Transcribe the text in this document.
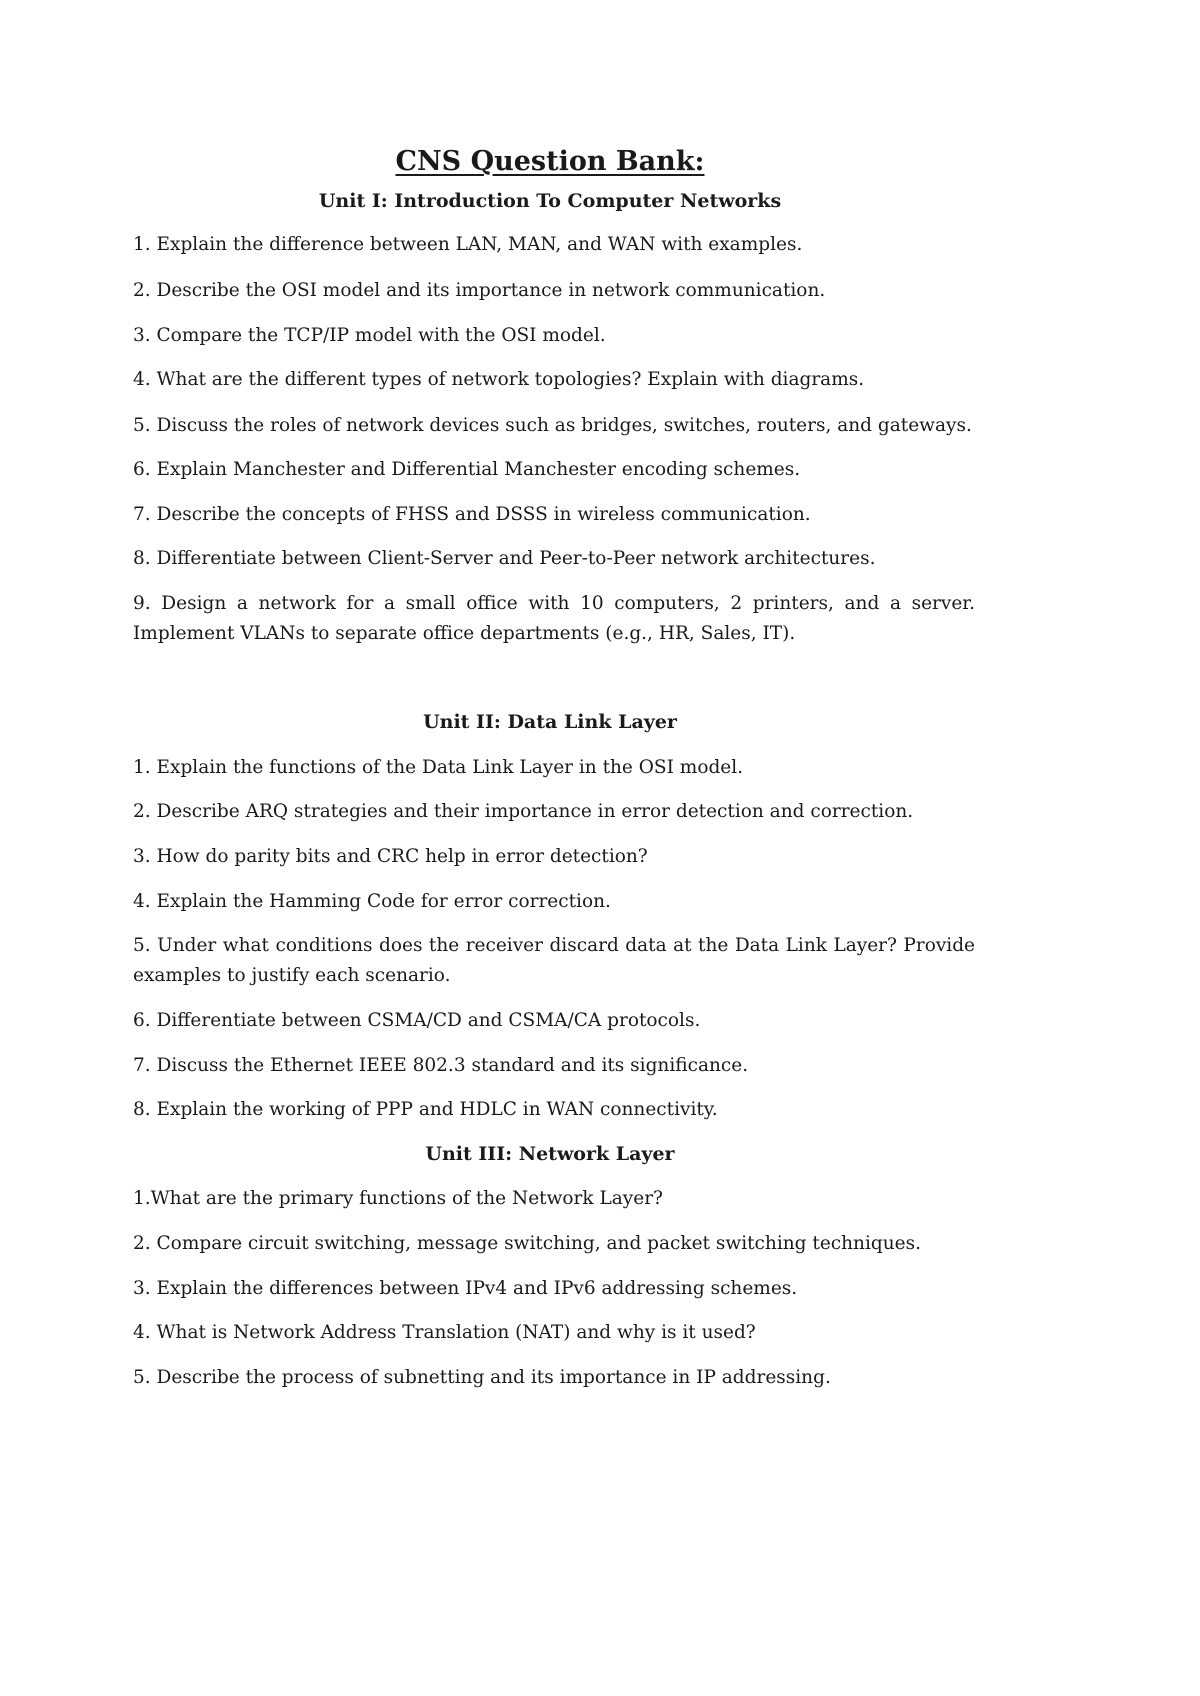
CNS Question Bank:
Unit I: Introduction To Computer Networks
1. Explain the difference between LAN, MAN, and WAN with examples.
2. Describe the OSI model and its importance in network communication.
3. Compare the TCP/IP model with the OSI model.
4. What are the different types of network topologies? Explain with diagrams.
5. Discuss the roles of network devices such as bridges, switches, routers, and gateways.
6. Explain Manchester and Differential Manchester encoding schemes.
7. Describe the concepts of FHSS and DSSS in wireless communication.
8. Differentiate between Client-Server and Peer-to-Peer network architectures.
9. Design a network for a small office with 10 computers, 2 printers, and a server. Implement VLANs to separate office departments (e.g., HR, Sales, IT).
Unit II: Data Link Layer
1. Explain the functions of the Data Link Layer in the OSI model.
2. Describe ARQ strategies and their importance in error detection and correction.
3. How do parity bits and CRC help in error detection?
4. Explain the Hamming Code for error correction.
5. Under what conditions does the receiver discard data at the Data Link Layer? Provide examples to justify each scenario.
6. Differentiate between CSMA/CD and CSMA/CA protocols.
7. Discuss the Ethernet IEEE 802.3 standard and its significance.
8. Explain the working of PPP and HDLC in WAN connectivity.
Unit III: Network Layer
1.What are the primary functions of the Network Layer?
2. Compare circuit switching, message switching, and packet switching techniques.
3. Explain the differences between IPv4 and IPv6 addressing schemes.
4. What is Network Address Translation (NAT) and why is it used?
5. Describe the process of subnetting and its importance in IP addressing.
